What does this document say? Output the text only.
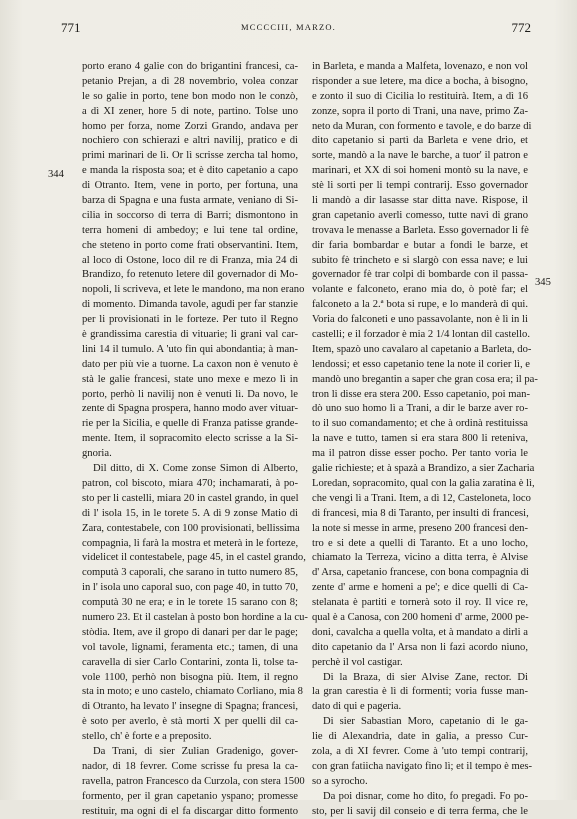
771	MCCCCIII, MARZO.	772
344
345
porto erano 4 galie con do brigantini francesi, ca-
petanio Prejan, a dì 28 novembrio, volea conzar
le so galie in porto, tene bon modo non le conzò,
a dì XI zener, hore 5 di note, partino. Tolse uno
homo per forza, nome Zorzi Grando, andava per
nochiero con schierazi e altri navilij, pratico e di
primi marinari de lì. Or lì scrisse zercha tal homo,
e manda la risposta soa; et è dito capetanio a capo
di Otranto. Item, vene in porto, per fortuna, una
barza di Spagna e una fusta armate, veniano di Si-
cilia in soccorso di terra di Barri; dismontono in
terra homeni di ambedoy; e lui tene tal ordine,
che steteno in porto come frati observantini. Item,
al loco di Ostone, loco dil re di Franza, mia 24 di
Brandizo, fo retenuto letere dil governador di Mo-
nopoli, li scriveva, et lete le mandono, ma non erano
di momento. Dimanda tavole, agudi per far stanzie
per li provisionati in le forteze. Per tuto il Regno
è grandissima carestia di vituarie; li grani val car-
lini 14 il tumulo. A 'uto fin qui abondantia; à man-
dato per più vie a tuorne. La caxon non è venuto è
stà le galie francesi, state uno mexe e mezo lì in
porto, perhò li navilij non è venuti lì. Da novo, le
zente di Spagna prospera, hanno modo aver vituar-
rie per la Sicilia, e quelle di Franza patisse grande-
mente. Item, il sopracomito electo scrisse a la Si-
gnoria.
Dil ditto, di X. Come zonse Simon di Alberto,
patron, col biscoto, miara 470; inchamarati, à po-
sto per li castelli, miara 20 in castel grando, in quel
di l' isola 15, in le torete 5. A dì 9 zonse Matio di
Zara, contestabele, con 100 provisionati, bellissima
compagnia, li farà la mostra et meterà in le forteze,
videlicet il contestabele, page 45, in el castel grando,
computà 3 caporali, che sarano in tutto numero 85,
in l' isola uno caporal suo, con page 40, in tutto 70,
computà 30 ne era; e in le torete 15 sarano con 8;
numero 23. Et il castelan à posto bon hordine a la cu-
stòdia. Item, ave il gropo di danari per dar le page;
vol tavole, lignami, feramenta etc.; tamen, di una
caravella di sier Carlo Contarini, zonta lì, tolse ta-
vole 1100, perhò non bisogna più. Item, il regno
sta in moto; e uno castelo, chiamato Corliano, mia 8
di Otranto, ha levato l' insegne di Spagna; francesi,
è soto per averlo, è stà morti X per quelli dil ca-
stello, ch' è forte e a preposito.
Da Trani, di sier Zulian Gradenigo, gover-
nador, di 18 fevrer. Come scrisse fu presa la ca-
ravella, patron Francesco da Curzola, con stera 1500
formento, per il gran capetanio yspano; promesse
restituir, ma ogni di el fa discargar ditto formento
in Barleta, e manda a Malfeta, lovenazo, e non vol
risponder a sue letere, ma dice a bocha, à bisogno,
e zonto il suo di Cicilia lo restituirà. Item, a dì 16
zonze, sopra il porto di Trani, una nave, primo Za-
neto da Muran, con formento e tavole, e do barze di
dito capetanio si partì da Barleta e vene drio, et
sorte, mandò a la nave le barche, a tuor' il patron e
marinari, et XX di soi homeni montò su la nave, e
stè li sorti per li tempi contrarij. Esso governador
li mandò a dir lasasse star ditta nave. Rispose, il
gran capetanio averli comesso, tutte navi di grano
trovava le menasse a Barleta. Esso governador li fè
dir faria bombardar e butar a fondi le barze, et
subito fè trincheto e si slargò con essa nave; e lui
governador fè trar colpi di bombarde con il passa-
volante e falconeto, erano mia do, ò potè far; el
falconeto a la 2.ª bota si rupe, e lo manderà di qui.
Voria do falconeti e uno passavolante, non è lì in li
castelli; e il forzador è mia 2 1/4 lontan dil castello.
Item, spazò uno cavalaro al capetanio a Barleta, do-
lendossi; et esso capetanio tene la note il corier lì, e
mandò uno bregantin a saper che gran cosa era; il pa-
tron li disse era stera 200. Esso capetanio, poi man-
dò uno suo homo lì a Trani, a dir le barze aver ro-
to il suo comandamento; et che à ordinà restituissa
la nave e tutto, tamen si era stara 800 li reteniva,
ma il patron disse esser pocho. Per tanto voria le
galie richieste; et à spazà a Brandizo, a sier Zacharia
Loredan, sopracomito, qual con la galia zaratina è lì,
che vengi lì a Trani. Item, a dì 12, Casteloneta, loco
di francesi, mia 8 di Taranto, per insulti di francesi,
la note si messe in arme, preseno 200 francesi den-
tro e si dete a quelli di Taranto. Et a uno locho,
chiamato la Terreza, vicino a ditta terra, è Alvise
d' Arsa, capetanio francese, con bona compagnia di
zente d' arme e homeni a pe'; e dice quelli di Ca-
stelanata è partiti e tornerà soto il roy. Il vice re,
qual è a Canosa, con 200 homeni d' arme, 2000 pe-
doni, cavalcha a quella volta, et à mandato a dirli a
dito capetanio da l' Arsa non li fazi acordo niuno,
perchè il vol castigar.
Di la Braza, di sier Alvise Zane, rector. Di
la gran carestia è lì di formenti; voria fusse man-
dato di qui e pageria.
Di sier Sabastian Moro, capetanio di le ga-
lie di Alexandria, date in galia, a presso Cur-
zola, a dì XI fevrer. Come à 'uto tempi contrarij,
con gran fatiicha navigato fino lì; et il tempo è mes-
so a syrocho.
Da poi disnar, come ho dito, fo pregadi. Fo po-
sto, per li savij dil conseio e di terra ferma, che le
